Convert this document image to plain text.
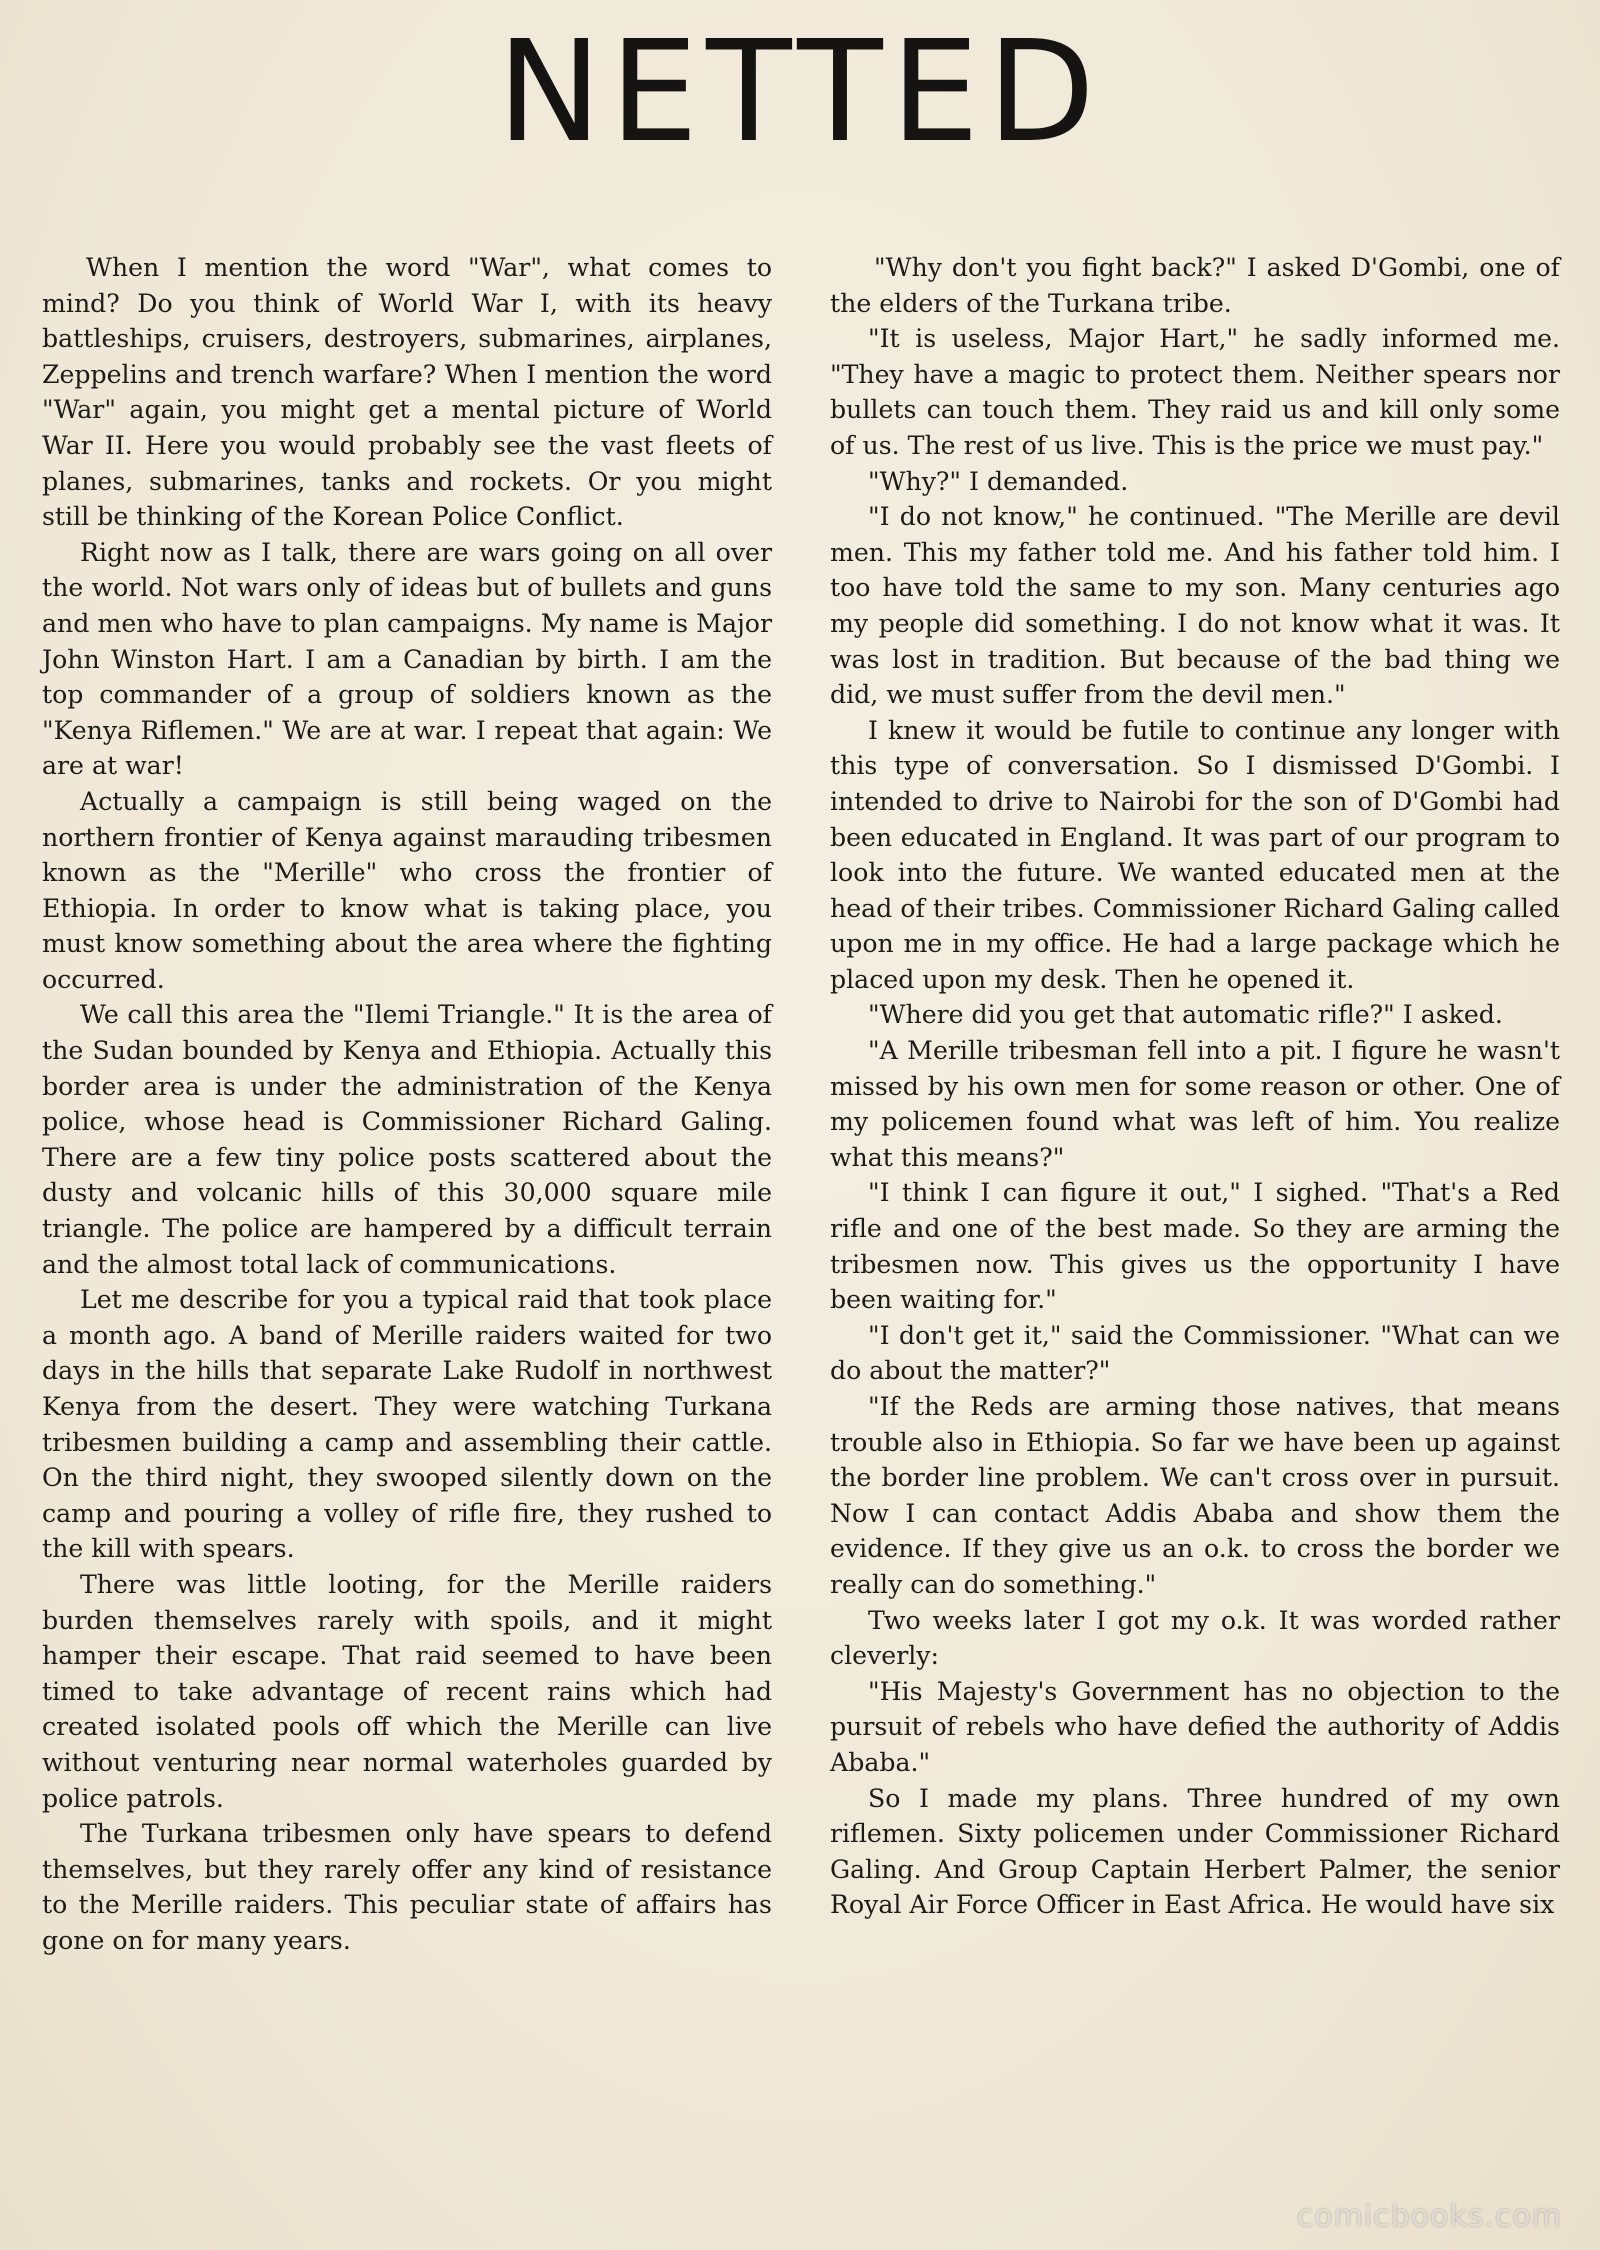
NETTED

When I mention the word "War", what comes to mind? Do you think of World War I, with its heavy battleships, cruisers, destroyers, submarines, airplanes, Zeppelins and trench warfare? When I mention the word "War" again, you might get a mental picture of World War II. Here you would probably see the vast fleets of planes, submarines, tanks and rockets. Or you might still be thinking of the Korean Police Conflict.

Right now as I talk, there are wars going on all over the world. Not wars only of ideas but of bullets and guns and men who have to plan campaigns. My name is Major John Winston Hart. I am a Canadian by birth. I am the top commander of a group of soldiers known as the "Kenya Riflemen." We are at war. I repeat that again: We are at war!

Actually a campaign is still being waged on the northern frontier of Kenya against marauding tribesmen known as the "Merille" who cross the frontier of Ethiopia. In order to know what is taking place, you must know something about the area where the fighting occurred.

We call this area the "Ilemi Triangle." It is the area of the Sudan bounded by Kenya and Ethiopia. Actually this border area is under the administration of the Kenya police, whose head is Commissioner Richard Galing. There are a few tiny police posts scattered about the dusty and volcanic hills of this 30,000 square mile triangle. The police are hampered by a difficult terrain and the almost total lack of communications.

Let me describe for you a typical raid that took place a month ago. A band of Merille raiders waited for two days in the hills that separate Lake Rudolf in northwest Kenya from the desert. They were watching Turkana tribesmen building a camp and assembling their cattle. On the third night, they swooped silently down on the camp and pouring a volley of rifle fire, they rushed to the kill with spears.

There was little looting, for the Merille raiders burden themselves rarely with spoils, and it might hamper their escape. That raid seemed to have been timed to take advantage of recent rains which had created isolated pools off which the Merille can live without venturing near normal waterholes guarded by police patrols.

The Turkana tribesmen only have spears to defend themselves, but they rarely offer any kind of resistance to the Merille raiders. This peculiar state of affairs has gone on for many years.

"Why don't you fight back?" I asked D'Gombi, one of the elders of the Turkana tribe.

"It is useless, Major Hart," he sadly informed me. "They have a magic to protect them. Neither spears nor bullets can touch them. They raid us and kill only some of us. The rest of us live. This is the price we must pay."

"Why?" I demanded.

"I do not know," he continued. "The Merille are devil men. This my father told me. And his father told him. I too have told the same to my son. Many centuries ago my people did something. I do not know what it was. It was lost in tradition. But because of the bad thing we did, we must suffer from the devil men."

I knew it would be futile to continue any longer with this type of conversation. So I dismissed D'Gombi. I intended to drive to Nairobi for the son of D'Gombi had been educated in England. It was part of our program to look into the future. We wanted educated men at the head of their tribes. Commissioner Richard Galing called upon me in my office. He had a large package which he placed upon my desk. Then he opened it.

"Where did you get that automatic rifle?" I asked.

"A Merille tribesman fell into a pit. I figure he wasn't missed by his own men for some reason or other. One of my policemen found what was left of him. You realize what this means?"

"I think I can figure it out," I sighed. "That's a Red rifle and one of the best made. So they are arming the tribesmen now. This gives us the opportunity I have been waiting for."

"I don't get it," said the Commissioner. "What can we do about the matter?"

"If the Reds are arming those natives, that means trouble also in Ethiopia. So far we have been up against the border line problem. We can't cross over in pursuit. Now I can contact Addis Ababa and show them the evidence. If they give us an o.k. to cross the border we really can do something."

Two weeks later I got my o.k. It was worded rather cleverly:

"His Majesty's Government has no objection to the pursuit of rebels who have defied the authority of Addis Ababa."

So I made my plans. Three hundred of my own riflemen. Sixty policemen under Commissioner Richard Galing. And Group Captain Herbert Palmer, the senior Royal Air Force Officer in East Africa. He would have six

comicbooks.com
